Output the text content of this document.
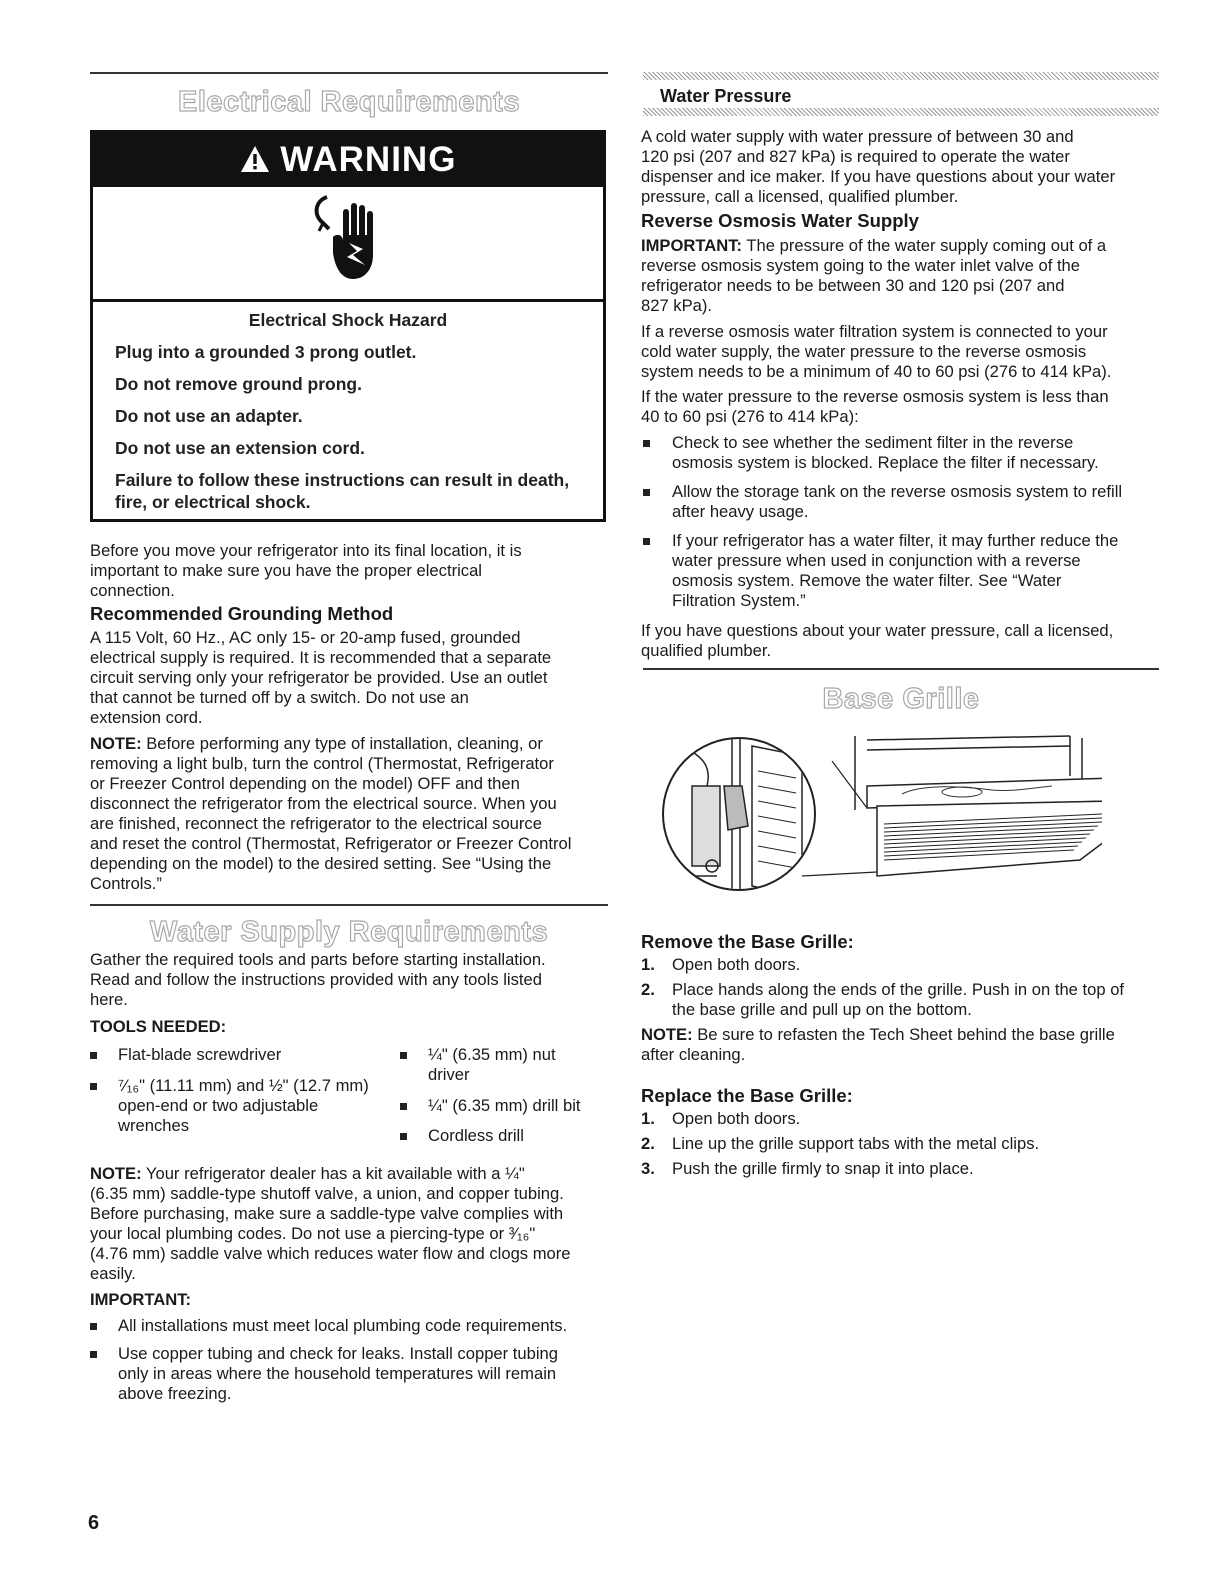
Electrical Requirements
WARNING
Electrical Shock Hazard
Plug into a grounded 3 prong outlet.
Do not remove ground prong.
Do not use an adapter.
Do not use an extension cord.
Failure to follow these instructions can result in death,
fire, or electrical shock.

Before you move your refrigerator into its final location, it is

important to make sure you have the proper electrical

connection.

Recommended Grounding Method

A 115 Volt, 60 Hz., AC only 15- or 20-amp fused, grounded

electrical supply is required. It is recommended that a separate

circuit serving only your refrigerator be provided. Use an outlet

that cannot be turned off by a switch. Do not use an

extension cord.

NOTE: Before performing any type of installation, cleaning, or

removing a light bulb, turn the control (Thermostat, Refrigerator

or Freezer Control depending on the model) OFF and then

disconnect the refrigerator from the electrical source. When you

are finished, reconnect the refrigerator to the electrical source

and reset the control (Thermostat, Refrigerator or Freezer Control

depending on the model) to the desired setting. See “Using the

Controls.”

Water Supply Requirements

Gather the required tools and parts before starting installation.

Read and follow the instructions provided with any tools listed

here.

TOOLS NEEDED:

Flat-blade screwdriver

⁷⁄₁₆" (11.11 mm) and ½" (12.7 mm)

open-end or two adjustable

wrenches

¼" (6.35 mm) nut

driver

¼" (6.35 mm) drill bit

Cordless drill

NOTE: Your refrigerator dealer has a kit available with a ¼"

(6.35 mm) saddle-type shutoff valve, a union, and copper tubing.

Before purchasing, make sure a saddle-type valve complies with

your local plumbing codes. Do not use a piercing-type or ³⁄₁₆"

(4.76 mm) saddle valve which reduces water flow and clogs more

easily.

IMPORTANT:

All installations must meet local plumbing code requirements.

Use copper tubing and check for leaks. Install copper tubing

only in areas where the household temperatures will remain

above freezing.

6
Water Pressure

A cold water supply with water pressure of between 30 and

120 psi (207 and 827 kPa) is required to operate the water

dispenser and ice maker. If you have questions about your water

pressure, call a licensed, qualified plumber.

Reverse Osmosis Water Supply

IMPORTANT: The pressure of the water supply coming out of a

reverse osmosis system going to the water inlet valve of the

refrigerator needs to be between 30 and 120 psi (207 and

827 kPa).

If a reverse osmosis water filtration system is connected to your

cold water supply, the water pressure to the reverse osmosis

system needs to be a minimum of 40 to 60 psi (276 to 414 kPa).

If the water pressure to the reverse osmosis system is less than

40 to 60 psi (276 to 414 kPa):

Check to see whether the sediment filter in the reverse

osmosis system is blocked. Replace the filter if necessary.

Allow the storage tank on the reverse osmosis system to refill

after heavy usage.

If your refrigerator has a water filter, it may further reduce the

water pressure when used in conjunction with a reverse

osmosis system. Remove the water filter. See “Water

Filtration System.”

If you have questions about your water pressure, call a licensed,

qualified plumber.

Base Grille
Remove the Base Grille:
1.	Open both doors.

2.	Place hands along the ends of the grille. Push in on the top of

the base grille and pull up on the bottom.

NOTE: Be sure to refasten the Tech Sheet behind the base grille

after cleaning.

Replace the Base Grille:
1.	Open both doors.

2.	Line up the grille support tabs with the metal clips.

3.	Push the grille firmly to snap it into place.
